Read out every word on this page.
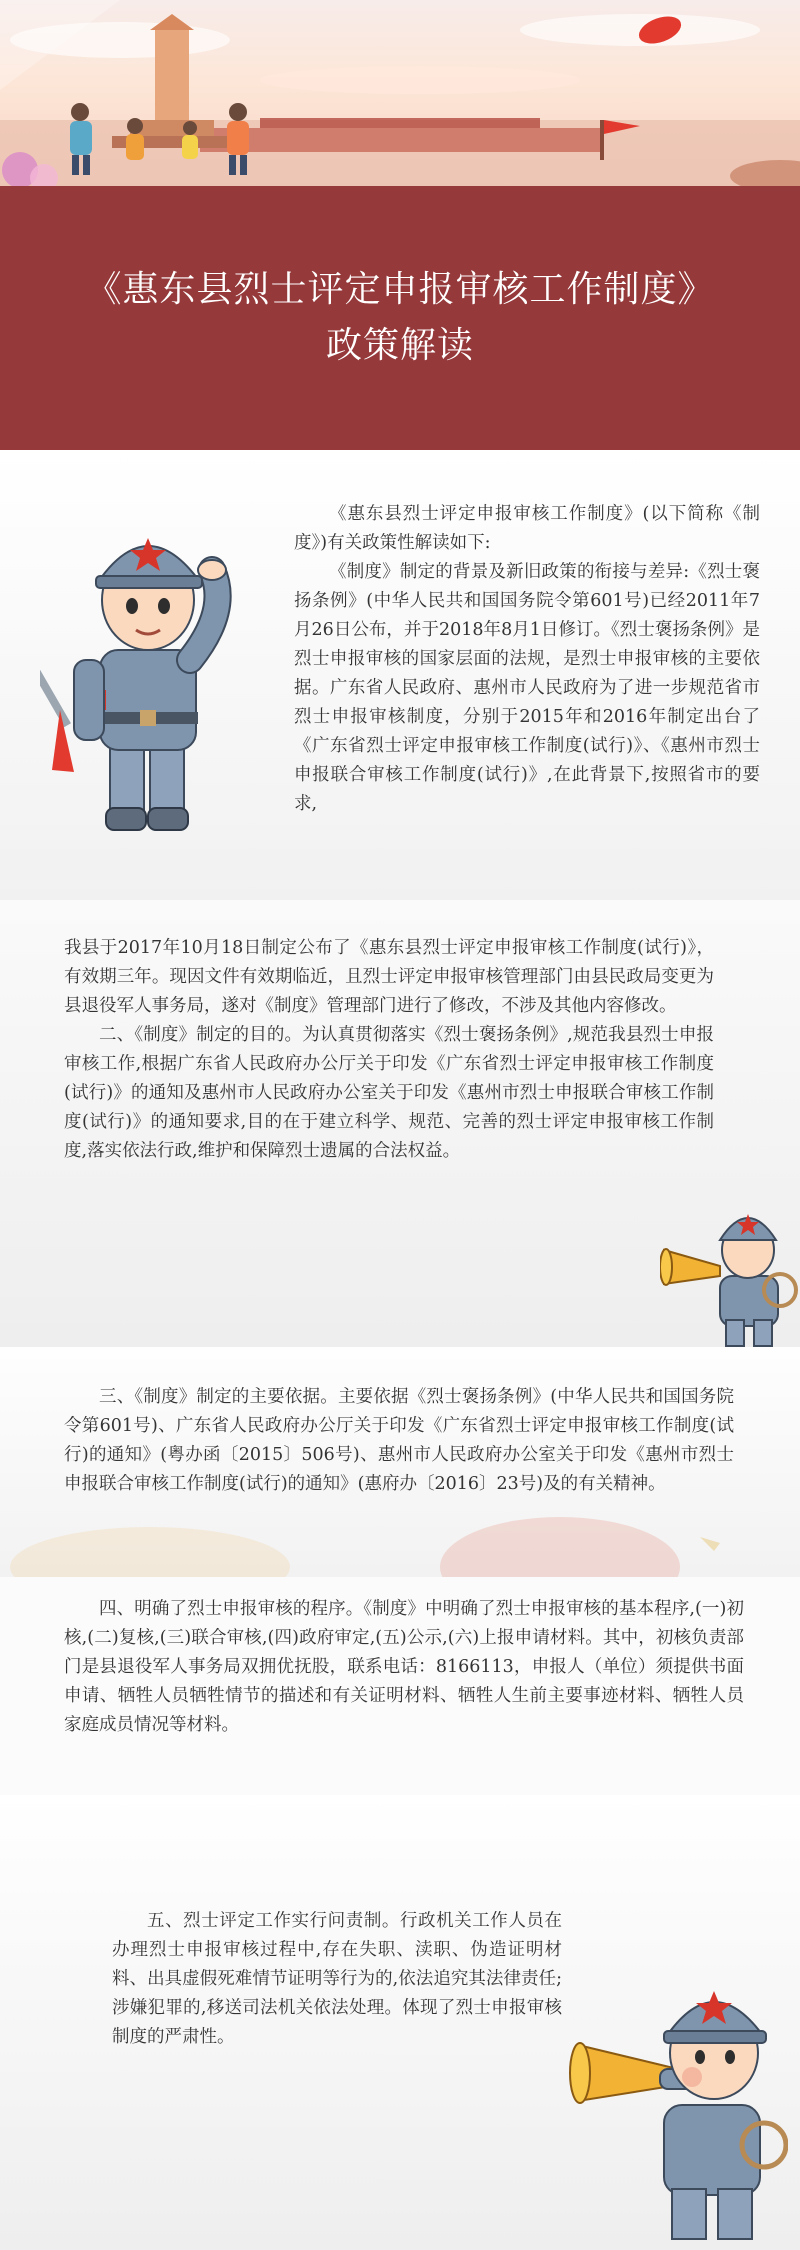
《惠东县烈士评定申报审核工作制度》
政策解读

《惠东县烈士评定申报审核工作制度》(以下简称《制度》)有关政策性解读如下:

《制度》制定的背景及新旧政策的衔接与差异:《烈士褒扬条例》(中华人民共和国国务院令第601号)已经2011年7月26日公布，并于2018年8月1日修订。《烈士褒扬条例》是烈士申报审核的国家层面的法规，是烈士申报审核的主要依据。广东省人民政府、惠州市人民政府为了进一步规范省市烈士申报审核制度，分别于2015年和2016年制定出台了《广东省烈士评定申报审核工作制度(试行)》、《惠州市烈士申报联合审核工作制度(试行)》,在此背景下,按照省市的要求,

我县于2017年10月18日制定公布了《惠东县烈士评定申报审核工作制度(试行)》，有效期三年。现因文件有效期临近，且烈士评定申报审核管理部门由县民政局变更为县退役军人事务局，遂对《制度》管理部门进行了修改，不涉及其他内容修改。

二、《制度》制定的目的。为认真贯彻落实《烈士褒扬条例》,规范我县烈士申报审核工作,根据广东省人民政府办公厅关于印发《广东省烈士评定申报审核工作制度(试行)》的通知及惠州市人民政府办公室关于印发《惠州市烈士申报联合审核工作制度(试行)》的通知要求,目的在于建立科学、规范、完善的烈士评定申报审核工作制度,落实依法行政,维护和保障烈士遗属的合法权益。

三、《制度》制定的主要依据。主要依据《烈士褒扬条例》(中华人民共和国国务院令第601号)、广东省人民政府办公厅关于印发《广东省烈士评定申报审核工作制度(试行)的通知》(粤办函〔2015〕506号)、惠州市人民政府办公室关于印发《惠州市烈士申报联合审核工作制度(试行)的通知》(惠府办〔2016〕23号)及的有关精神。

四、明确了烈士申报审核的程序。《制度》中明确了烈士申报审核的基本程序,(一)初核,(二)复核,(三)联合审核,(四)政府审定,(五)公示,(六)上报申请材料。其中，初核负责部门是县退役军人事务局双拥优抚股，联系电话：8166113，申报人（单位）须提供书面申请、牺牲人员牺牲情节的描述和有关证明材料、牺牲人生前主要事迹材料、牺牲人员家庭成员情况等材料。

五、烈士评定工作实行问责制。行政机关工作人员在办理烈士申报审核过程中,存在失职、渎职、伪造证明材料、出具虚假死难情节证明等行为的,依法追究其法律责任;涉嫌犯罪的,移送司法机关依法处理。体现了烈士申报审核制度的严肃性。
